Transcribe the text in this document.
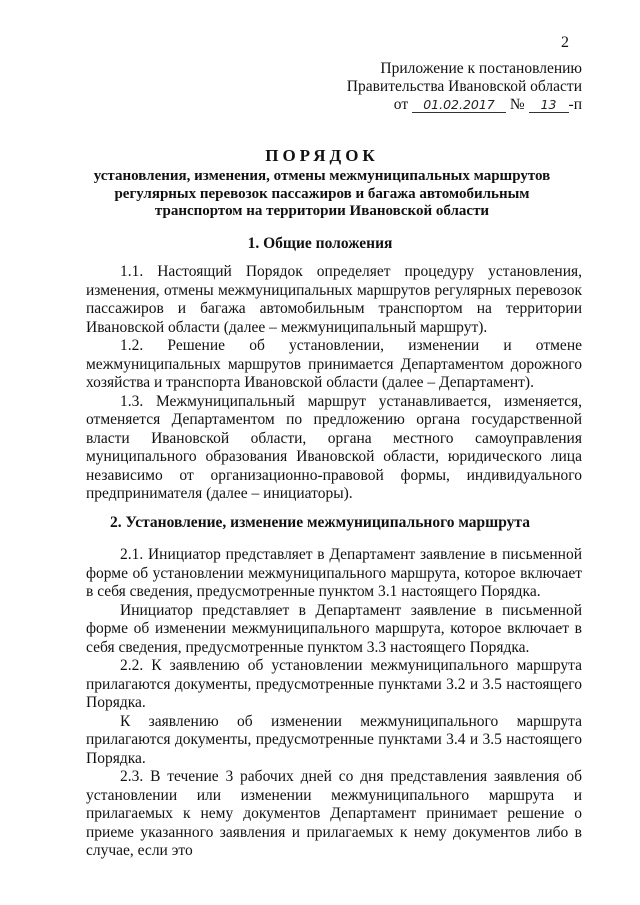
2
Приложение к постановлению
Правительства Ивановской области
от 01.02.2017 № 13 -п
ПОРЯДОК
установления, изменения, отмены межмуниципальных маршрутов регулярных перевозок пассажиров и багажа автомобильным транспортом на территории Ивановской области
1. Общие положения

1.1. Настоящий Порядок определяет процедуру установления, изменения, отмены межмуниципальных маршрутов регулярных перевозок пассажиров и багажа автомобильным транспортом на территории Ивановской области (далее – межмуниципальный маршрут).

1.2. Решение об установлении, изменении и отмене межмуниципальных маршрутов принимается Департаментом дорожного хозяйства и транспорта Ивановской области (далее – Департамент).

1.3. Межмуниципальный маршрут устанавливается, изменяется, отменяется Департаментом по предложению органа государственной власти Ивановской области, органа местного самоуправления муниципального образования Ивановской области, юридического лица независимо от организационно-правовой формы, индивидуального предпринимателя (далее – инициаторы).

2. Установление, изменение межмуниципального маршрута

2.1. Инициатор представляет в Департамент заявление в письменной форме об установлении межмуниципального маршрута, которое включает в себя сведения, предусмотренные пунктом 3.1 настоящего Порядка.

Инициатор представляет в Департамент заявление в письменной форме об изменении межмуниципального маршрута, которое включает в себя сведения, предусмотренные пунктом 3.3 настоящего Порядка.

2.2. К заявлению об установлении межмуниципального маршрута прилагаются документы, предусмотренные пунктами 3.2 и 3.5 настоящего Порядка.

К заявлению об изменении межмуниципального маршрута прилагаются документы, предусмотренные пунктами 3.4 и 3.5 настоящего Порядка.

2.3. В течение 3 рабочих дней со дня представления заявления об установлении или изменении межмуниципального маршрута и прилагаемых к нему документов Департамент принимает решение о приеме указанного заявления и прилагаемых к нему документов либо в случае, если это
